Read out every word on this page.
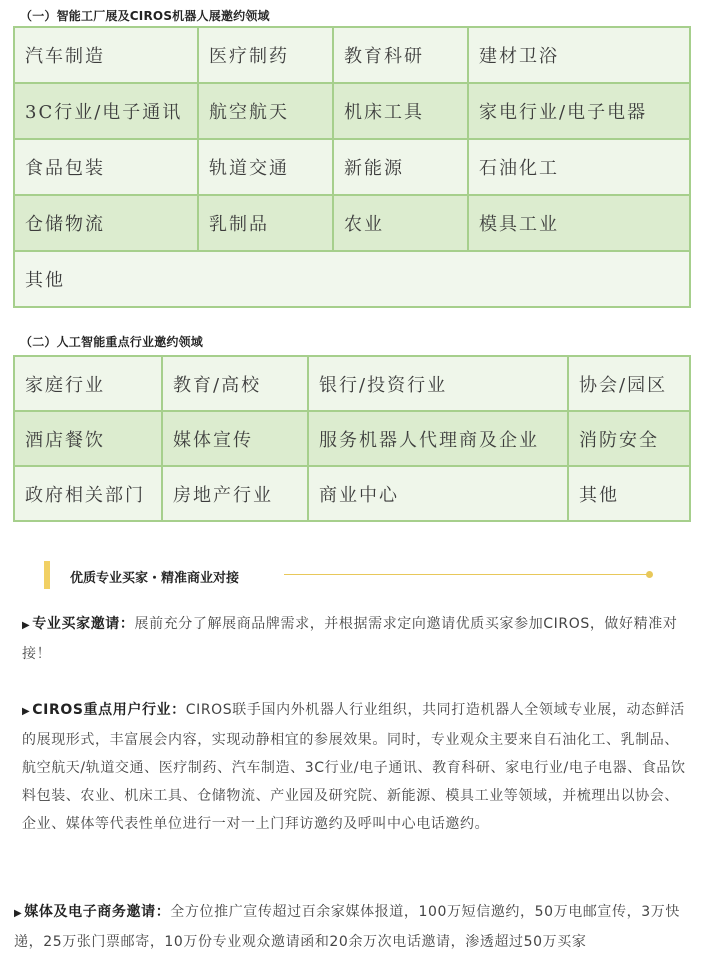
（一）智能工厂展及CIROS机器人展邀约领域
汽车制造	医疗制药	教育科研	建材卫浴
3C行业/电子通讯	航空航天	机床工具	家电行业/电子电器
食品包装	轨道交通	新能源	石油化工
仓储物流	乳制品	农业	模具工业
其他			
（二）人工智能重点行业邀约领域
家庭行业	教育/高校	银行/投资行业	协会/园区
酒店餐饮	媒体宣传	服务机器人代理商及企业	消防安全
政府相关部门	房地产行业	商业中心	其他
优质专业买家・精准商业对接
▶ 专业买家邀请：展前充分了解展商品牌需求，并根据需求定向邀请优质买家参加CIROS，做好精准对接！
▶ CIROS重点用户行业：CIROS联手国内外机器人行业组织，共同打造机器人全领域专业展，动态鲜活的展现形式，丰富展会内容，实现动静相宜的参展效果。同时，专业观众主要来自石油化工、乳制品、航空航天/轨道交通、医疗制药、汽车制造、3C行业/电子通讯、教育科研、家电行业/电子电器、食品饮料包装、农业、机床工具、仓储物流、产业园及研究院、新能源、模具工业等领域，并梳理出以协会、企业、媒体等代表性单位进行一对一上门拜访邀约及呼叫中心电话邀约。
▶ 媒体及电子商务邀请：全方位推广宣传超过百余家媒体报道，100万短信邀约，50万电邮宣传，3万快递，25万张门票邮寄，10万份专业观众邀请函和20余万次电话邀请，渗透超过50万买家
